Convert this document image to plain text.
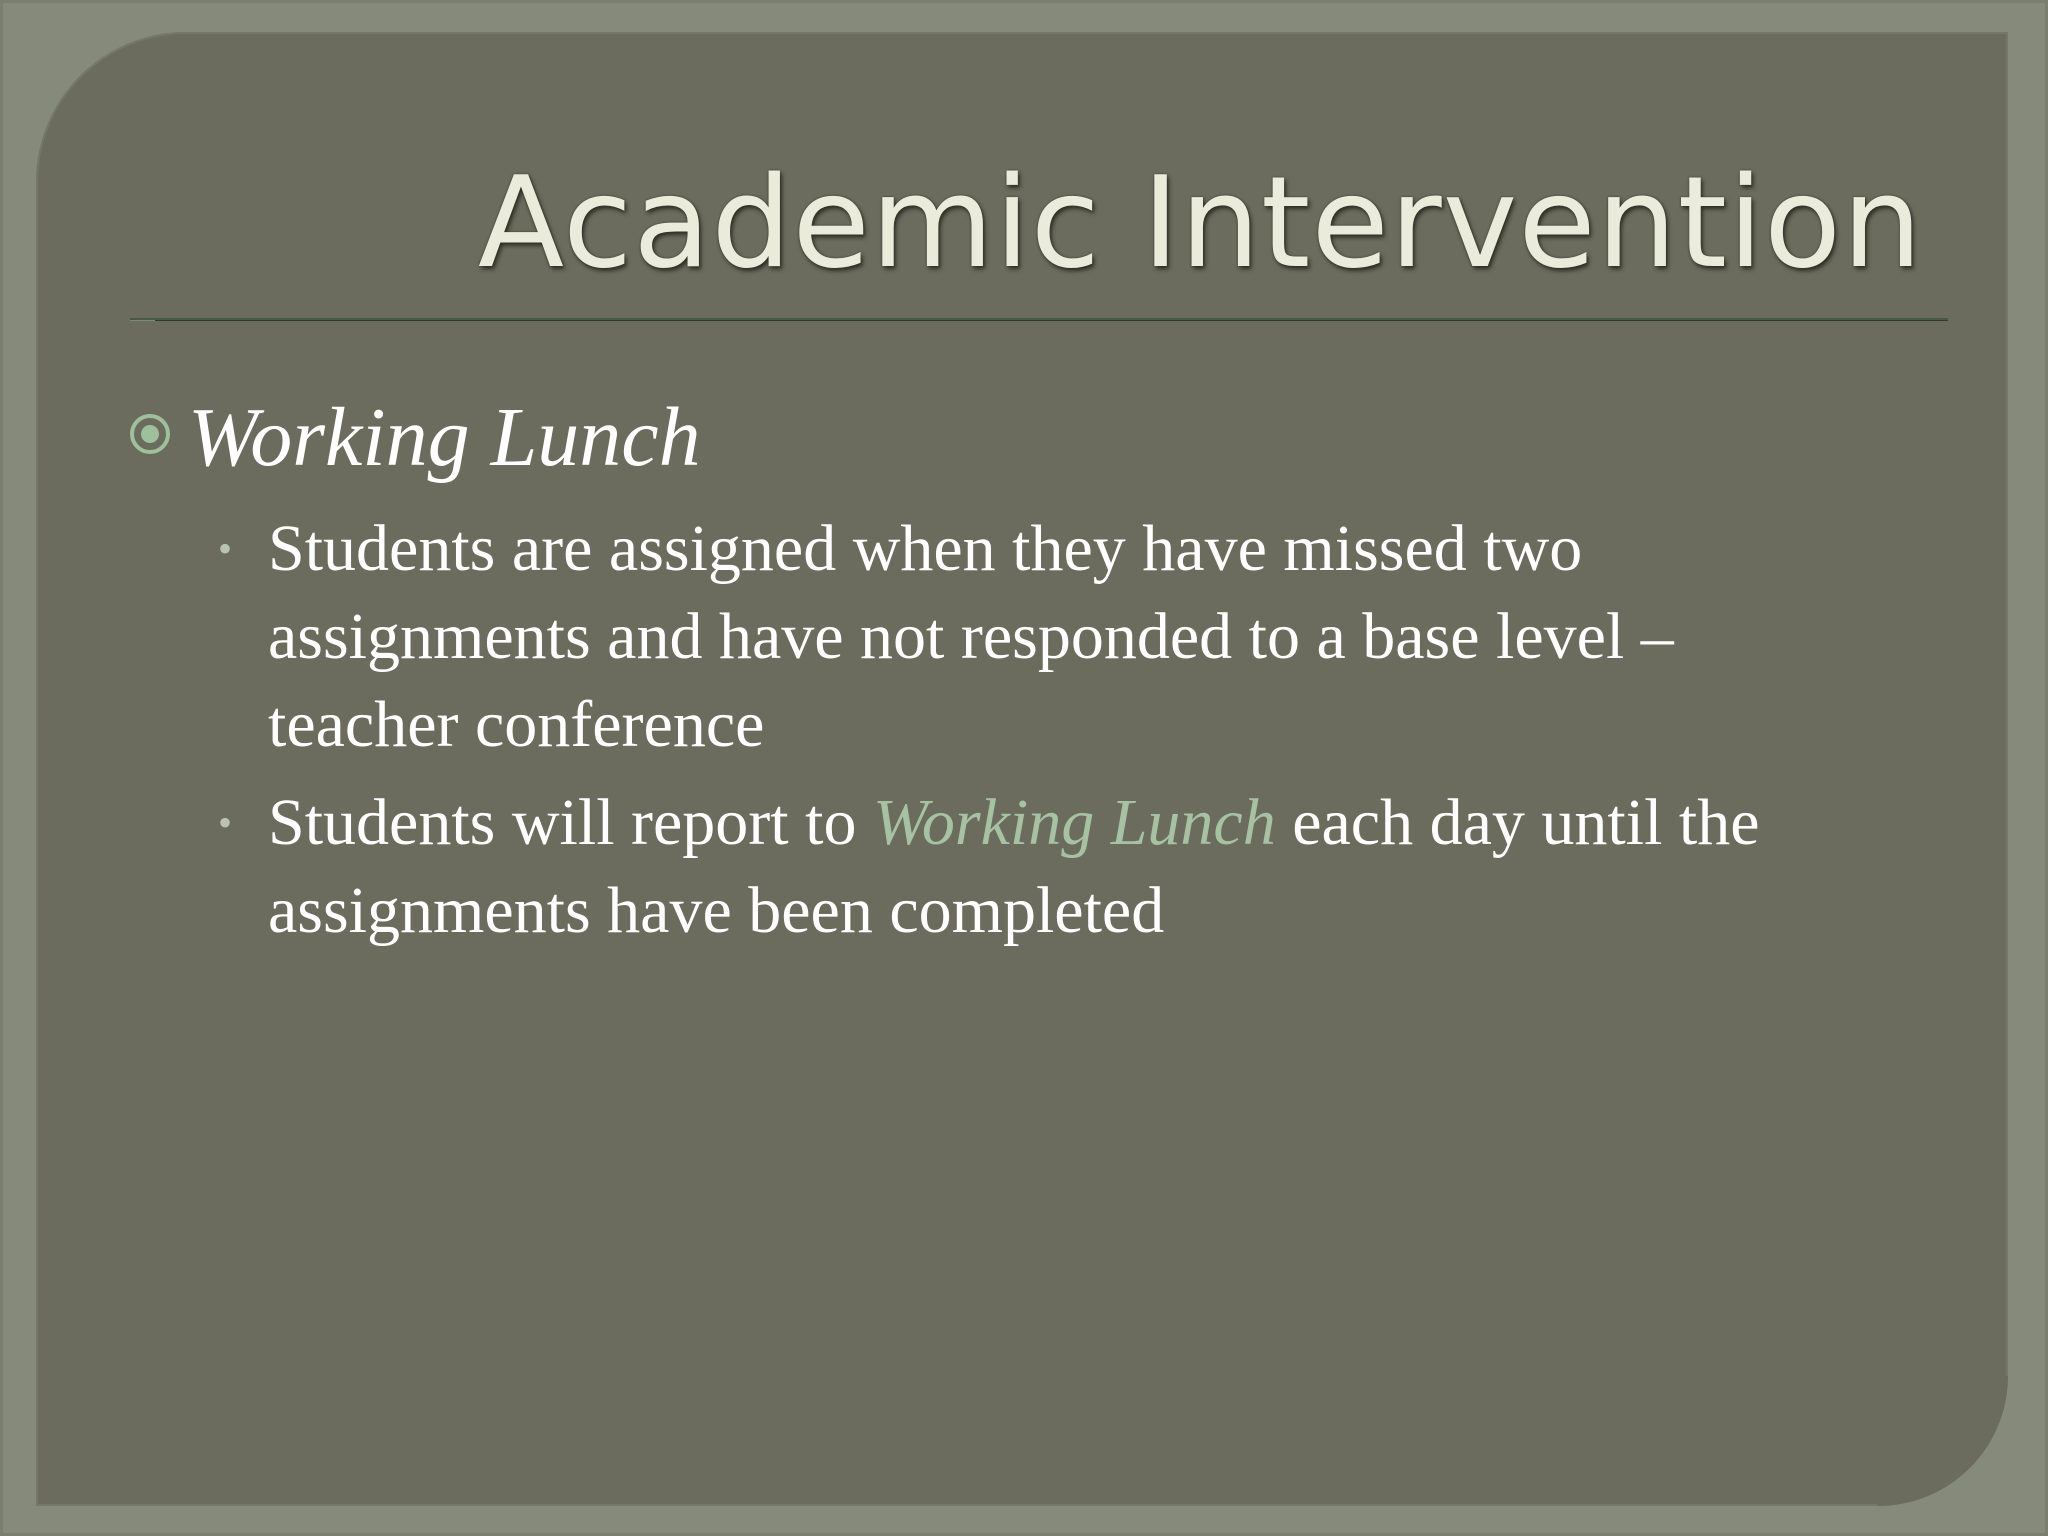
Academic Intervention
Working Lunch
• Students are assigned when they have missed two assignments and have not responded to a base level – teacher conference
• Students will report to Working Lunch each day until the assignments have been completed
